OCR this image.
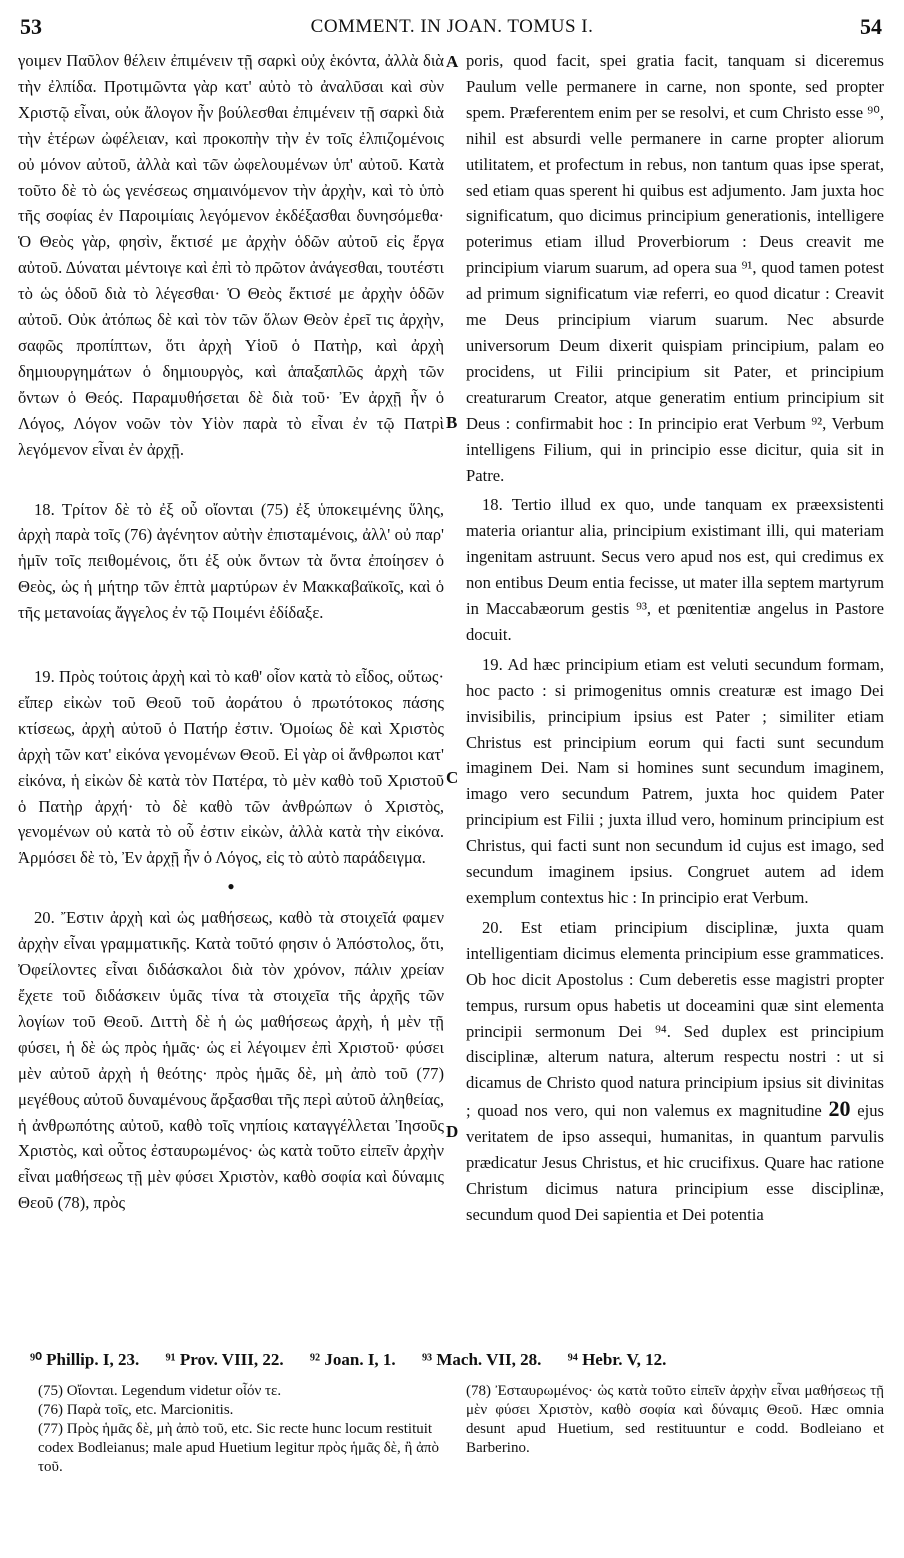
53	COMMENT. IN JOAN. TOMUS I.	54

γοιμεν Παῦλον θέλειν ἐπιμένειν τῇ σαρκὶ οὐχ ἑκόντα, ἀλλὰ διὰ τὴν ἐλπίδα. Προτιμῶντα γὰρ κατ' αὐτὸ τὸ ἀναλῦσαι καὶ σὺν Χριστῷ εἶναι, οὐκ ἄλογον ἦν βούλεσθαι ἐπιμένειν τῇ σαρκὶ διὰ τὴν ἑτέρων ὠφέλειαν, καὶ προκοπὴν τὴν ἐν τοῖς ἐλπιζομένοις οὐ μόνον αὐτοῦ, ἀλλὰ καὶ τῶν ὠφελουμένων ὑπ' αὐτοῦ. Κατὰ τοῦτο δὲ τὸ ὡς γενέσεως σημαινόμενον τὴν ἀρχὴν, καὶ τὸ ὑπὸ τῆς σοφίας ἐν Παροιμίαις λεγόμενον ἐκδέξασθαι δυνησόμεθα· Ὁ Θεὸς γὰρ, φησὶν, ἔκτισέ με ἀρχὴν ὁδῶν αὐτοῦ εἰς ἔργα αὐτοῦ. Δύναται μέντοιγε καὶ ἐπὶ τὸ πρῶτον ἀνάγεσθαι, τουτέστι τὸ ὡς ὁδοῦ διὰ τὸ λέγεσθαι· Ὁ Θεὸς ἔκτισέ με ἀρχὴν ὁδῶν αὐτοῦ. Οὐκ ἀτόπως δὲ καὶ τὸν τῶν ὅλων Θεὸν ἐρεῖ τις ἀρχὴν, σαφῶς προπίπτων, ὅτι ἀρχὴ Υἱοῦ ὁ Πατὴρ, καὶ ἀρχὴ δημιουργημάτων ὁ δημιουργὸς, καὶ ἁπαξαπλῶς ἀρχὴ τῶν ὄντων ὁ Θεός. Παραμυθήσεται δὲ διὰ τοῦ· Ἐν ἀρχῇ ἦν ὁ Λόγος, Λόγον νοῶν τὸν Υἱὸν παρὰ τὸ εἶναι ἐν τῷ Πατρὶ λεγόμενον εἶναι ἐν ἀρχῇ.

18. Τρίτον δὲ τὸ ἐξ οὗ οἴονται (75) ἐξ ὑποκειμένης ὕλης, ἀρχὴ παρὰ τοῖς (76) ἀγένητον αὐτὴν ἐπισταμένοις, ἀλλ' οὐ παρ' ἡμῖν τοῖς πειθομένοις, ὅτι ἐξ οὐκ ὄντων τὰ ὄντα ἐποίησεν ὁ Θεὸς, ὡς ἡ μήτηρ τῶν ἑπτὰ μαρτύρων ἐν Μακκαβαϊκοῖς, καὶ ὁ τῆς μετανοίας ἄγγελος ἐν τῷ Ποιμένι ἐδίδαξε.

19. Πρὸς τούτοις ἀρχὴ καὶ τὸ καθ' οἷον κατὰ τὸ εἶδος, οὕτως· εἴπερ εἰκὼν τοῦ Θεοῦ τοῦ ἀοράτου ὁ πρωτότοκος πάσης κτίσεως, ἀρχὴ αὐτοῦ ὁ Πατήρ ἐστιν. Ὁμοίως δὲ καὶ Χριστὸς ἀρχὴ τῶν κατ' εἰκόνα γενομένων Θεοῦ. Εἰ γὰρ οἱ ἄνθρωποι κατ' εἰκόνα, ἡ εἰκὼν δὲ κατὰ τὸν Πατέρα, τὸ μὲν καθὸ τοῦ Χριστοῦ ὁ Πατὴρ ἀρχή· τὸ δὲ καθὸ τῶν ἀνθρώπων ὁ Χριστὸς, γενομένων οὐ κατὰ τὸ οὗ ἐστιν εἰκὼν, ἀλλὰ κατὰ τὴν εἰκόνα. Ἁρμόσει δὲ τὸ, Ἐν ἀρχῇ ἦν ὁ Λόγος, εἰς τὸ αὐτὸ παράδειγμα.

●

20. Ἔστιν ἀρχὴ καὶ ὡς μαθήσεως, καθὸ τὰ στοιχεῖά φαμεν ἀρχὴν εἶναι γραμματικῆς. Κατὰ τοῦτό φησιν ὁ Ἀπόστολος, ὅτι, Ὀφείλοντες εἶναι διδάσκαλοι διὰ τὸν χρόνον, πάλιν χρείαν ἔχετε τοῦ διδάσκειν ὑμᾶς τίνα τὰ στοιχεῖα τῆς ἀρχῆς τῶν λογίων τοῦ Θεοῦ. Διττὴ δὲ ἡ ὡς μαθήσεως ἀρχὴ, ἡ μὲν τῇ φύσει, ἡ δὲ ὡς πρὸς ἡμᾶς· ὡς εἰ λέγοιμεν ἐπὶ Χριστοῦ· φύσει μὲν αὐτοῦ ἀρχὴ ἡ θεότης· πρὸς ἡμᾶς δὲ, μὴ ἀπὸ τοῦ (77) μεγέθους αὐτοῦ δυναμένους ἄρξασθαι τῆς περὶ αὐτοῦ ἀληθείας, ἡ ἀνθρωπότης αὐτοῦ, καθὸ τοῖς νηπίοις καταγγέλλεται Ἰησοῦς Χριστὸς, καὶ οὗτος ἐσταυρωμένος· ὡς κατὰ τοῦτο εἰπεῖν ἀρχὴν εἶναι μαθήσεως τῇ μὲν φύσει Χριστὸν, καθὸ σοφία καὶ δύναμις Θεοῦ (78), πρὸς

A
B
C
D

poris, quod facit, spei gratia facit, tanquam si diceremus Paulum velle permanere in carne, non sponte, sed propter spem. Præferentem enim per se resolvi, et cum Christo esse ⁹⁰, nihil est absurdi velle permanere in carne propter aliorum utilitatem, et profectum in rebus, non tantum quas ipse sperat, sed etiam quas sperent hi quibus est adjumento. Jam juxta hoc significatum, quo dicimus principium generationis, intelligere poterimus etiam illud Proverbiorum : Deus creavit me principium viarum suarum, ad opera sua ⁹¹, quod tamen potest ad primum significatum viæ referri, eo quod dicatur : Creavit me Deus principium viarum suarum. Nec absurde universorum Deum dixerit quispiam principium, palam eo procidens, ut Filii principium sit Pater, et principium creaturarum Creator, atque generatim entium principium sit Deus : confirmabit hoc : In principio erat Verbum ⁹², Verbum intelligens Filium, qui in principio esse dicitur, quia sit in Patre.

18. Tertio illud ex quo, unde tanquam ex præexsistenti materia oriantur alia, principium existimant illi, qui materiam ingenitam astruunt. Secus vero apud nos est, qui credimus ex non entibus Deum entia fecisse, ut mater illa septem martyrum in Maccabæorum gestis ⁹³, et pœnitentiæ angelus in Pastore docuit.

19. Ad hæc principium etiam est veluti secundum formam, hoc pacto : si primogenitus omnis creaturæ est imago Dei invisibilis, principium ipsius est Pater ; similiter etiam Christus est principium eorum qui facti sunt secundum imaginem Dei. Nam si homines sunt secundum imaginem, imago vero secundum Patrem, juxta hoc quidem Pater principium est Filii ; juxta illud vero, hominum principium est Christus, qui facti sunt non secundum id cujus est imago, sed secundum imaginem ipsius. Congruet autem ad idem exemplum contextus hic : In principio erat Verbum.

20. Est etiam principium disciplinæ, juxta quam intelligentiam dicimus elementa principium esse grammatices. Ob hoc dicit Apostolus : Cum deberetis esse magistri propter tempus, rursum opus habetis ut doceamini quæ sint elementa principii sermonum Dei ⁹⁴. Sed duplex est principium disciplinæ, alterum natura, alterum respectu nostri : ut si dicamus de Christo quod natura principium ipsius sit divinitas ; quoad nos vero, qui non valemus ex magnitudine 20 ejus veritatem de ipso assequi, humanitas, in quantum parvulis prædicatur Jesus Christus, et hic crucifixus. Quare hac ratione Christum dicimus natura principium esse disciplinæ, secundum quod Dei sapientia et Dei potentia

⁹⁰ Phillip. I, 23. ⁹¹ Prov. VIII, 22. ⁹² Joan. I, 1. ⁹³ Mach. VII, 28. ⁹⁴ Hebr. V, 12.

(75) Οἴονται. Legendum videtur οἷόν τε.

(76) Παρὰ τοῖς, etc. Marcionitis.

(77) Πρὸς ἡμᾶς δὲ, μὴ ἀπὸ τοῦ, etc. Sic recte hunc locum restituit codex Bodleianus; male apud Huetium legitur πρὸς ἡμᾶς δὲ, ἢ ἀπὸ τοῦ.

(78) Ἐσταυρωμένος· ὡς κατὰ τοῦτο εἰπεῖν ἀρχὴν εἶναι μαθήσεως τῇ μὲν φύσει Χριστὸν, καθὸ σοφία καὶ δύναμις Θεοῦ. Hæc omnia desunt apud Huetium, sed restituuntur e codd. Bodleiano et Barberino.
